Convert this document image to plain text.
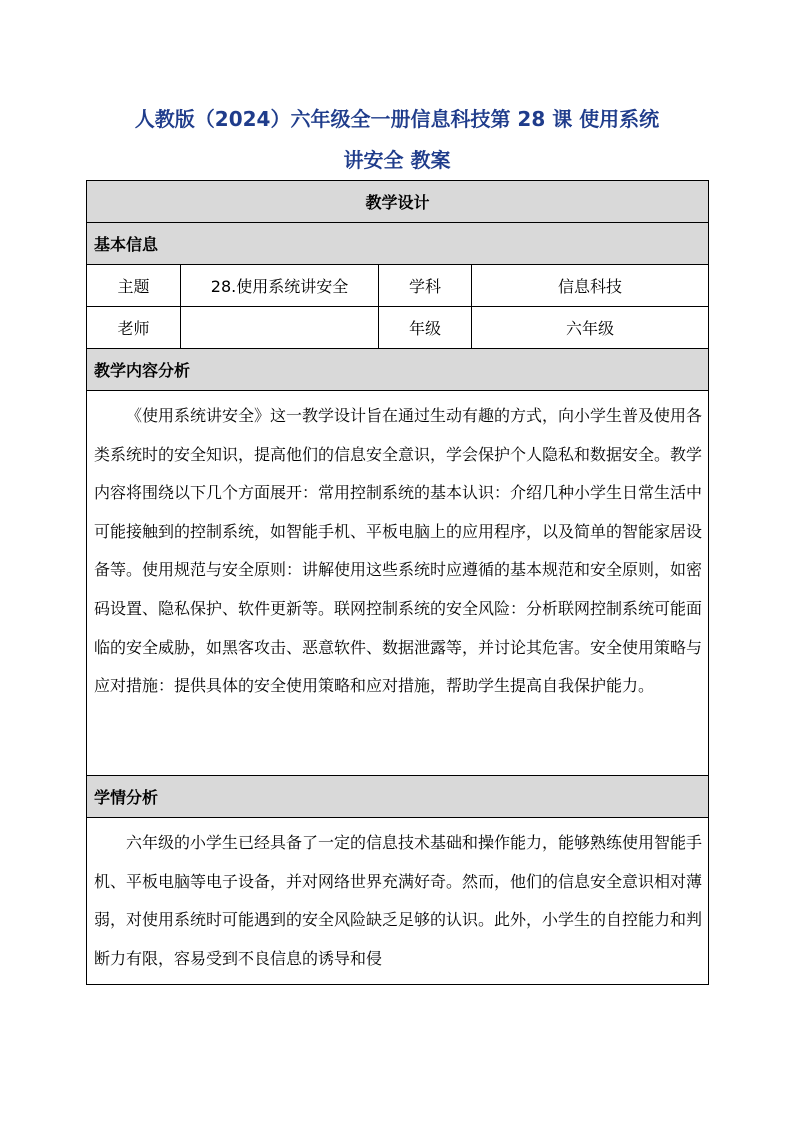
人教版（2024）六年级全一册信息科技第 28 课 使用系统
讲安全 教案
教学设计			
基本信息			
主题	28.使用系统讲安全	学科	信息科技
老师		年级	六年级
教学内容分析			

《使用系统讲安全》这一教学设计旨在通过生动有趣的方式，向小学生普及使用各类系统时的安全知识，提高他们的信息安全意识，学会保护个人隐私和数据安全。教学内容将围绕以下几个方面展开：常用控制系统的基本认识：介绍几种小学生日常生活中可能接触到的控制系统，如智能手机、平板电脑上的应用程序，以及简单的智能家居设备等。使用规范与安全原则：讲解使用这些系统时应遵循的基本规范和安全原则，如密码设置、隐私保护、软件更新等。联网控制系统的安全风险：分析联网控制系统可能面临的安全威胁，如黑客攻击、恶意软件、数据泄露等，并讨论其危害。安全使用策略与应对措施：提供具体的安全使用策略和应对措施，帮助学生提高自我保护能力。			

学情分析			

六年级的小学生已经具备了一定的信息技术基础和操作能力，能够熟练使用智能手机、平板电脑等电子设备，并对网络世界充满好奇。然而，他们的信息安全意识相对薄弱，对使用系统时可能遇到的安全风险缺乏足够的认识。此外，小学生的自控能力和判断力有限，容易受到不良信息的诱导和侵			
